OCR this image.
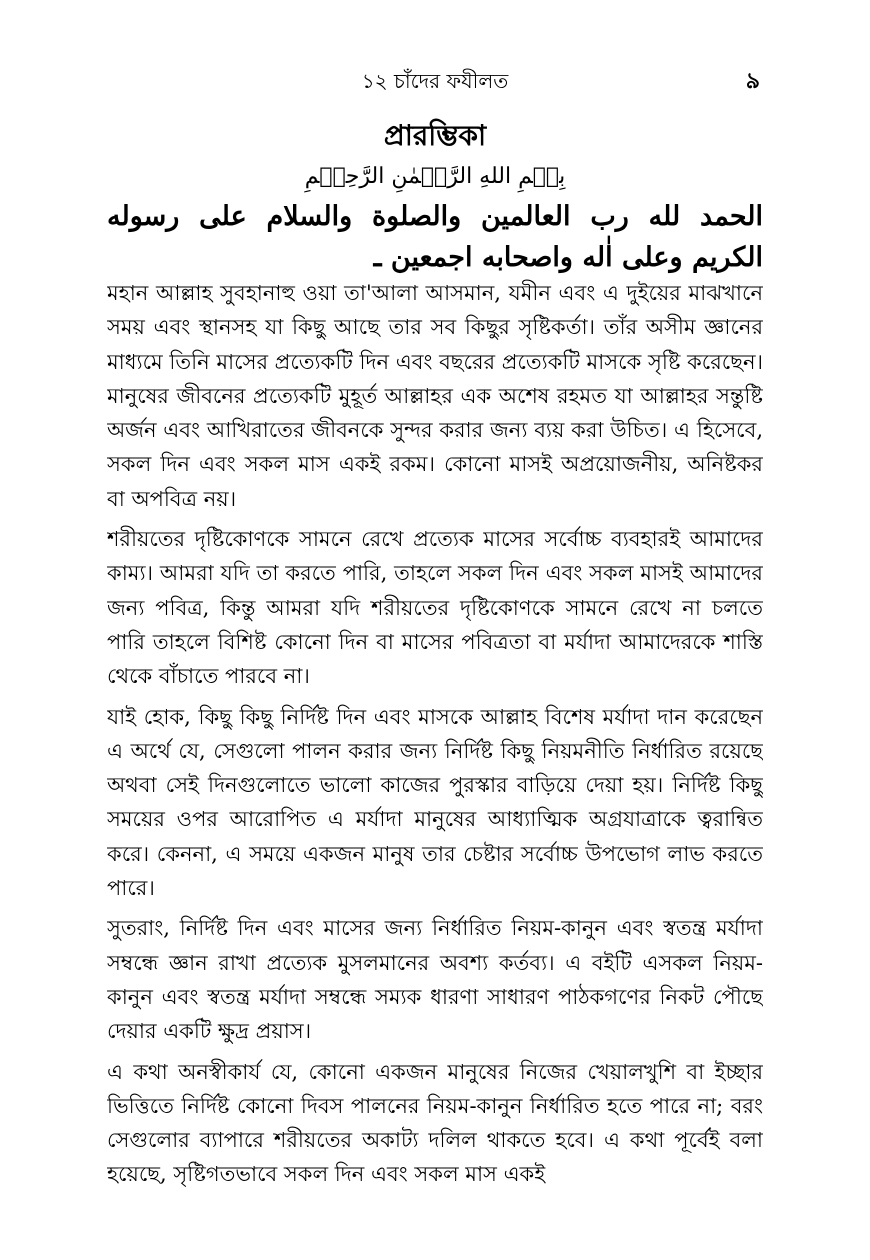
১২ চাঁদের ফযীলত	৯
প্রারম্ভিকা
بِسۡمِ اللهِ الرَّحۡمٰنِ الرَّحِيۡمِ
الحمد لله رب العالمين والصلوة والسلام على رسوله الكريم وعلى اٰله واصحابه اجمعين ـ

মহান আল্লাহ সুবহানাহু ওয়া তা'আলা আসমান, যমীন এবং এ দুইয়ের মাঝখানে সময় এবং স্থানসহ যা কিছু আছে তার সব কিছুর সৃষ্টিকর্তা। তাঁর অসীম জ্ঞানের মাধ্যমে তিনি মাসের প্রত্যেকটি দিন এবং বছরের প্রত্যেকটি মাসকে সৃষ্টি করেছেন। মানুষের জীবনের প্রত্যেকটি মুহূর্ত আল্লাহর এক অশেষ রহমত যা আল্লাহর সন্তুষ্টি অর্জন এবং আখিরাতের জীবনকে সুন্দর করার জন্য ব্যয় করা উচিত। এ হিসেবে, সকল দিন এবং সকল মাস একই রকম। কোনো মাসই অপ্রয়োজনীয়, অনিষ্টকর বা অপবিত্র নয়।

শরীয়তের দৃষ্টিকোণকে সামনে রেখে প্রত্যেক মাসের সর্বোচ্চ ব্যবহারই আমাদের কাম্য। আমরা যদি তা করতে পারি, তাহলে সকল দিন এবং সকল মাসই আমাদের জন্য পবিত্র, কিন্তু আমরা যদি শরীয়তের দৃষ্টিকোণকে সামনে রেখে না চলতে পারি তাহলে বিশিষ্ট কোনো দিন বা মাসের পবিত্রতা বা মর্যাদা আমাদেরকে শাস্তি থেকে বাঁচাতে পারবে না।

যাই হোক, কিছু কিছু নির্দিষ্ট দিন এবং মাসকে আল্লাহ বিশেষ মর্যাদা দান করেছেন এ অর্থে যে, সেগুলো পালন করার জন্য নির্দিষ্ট কিছু নিয়মনীতি নির্ধারিত রয়েছে অথবা সেই দিনগুলোতে ভালো কাজের পুরস্কার বাড়িয়ে দেয়া হয়। নির্দিষ্ট কিছু সময়ের ওপর আরোপিত এ মর্যাদা মানুষের আধ্যাত্মিক অগ্রযাত্রাকে ত্বরান্বিত করে। কেননা, এ সময়ে একজন মানুষ তার চেষ্টার সর্বোচ্চ উপভোগ লাভ করতে পারে।

সুতরাং, নির্দিষ্ট দিন এবং মাসের জন্য নির্ধারিত নিয়ম-কানুন এবং স্বতন্ত্র মর্যাদা সম্বন্ধে জ্ঞান রাখা প্রত্যেক মুসলমানের অবশ্য কর্তব্য। এ বইটি এসকল নিয়ম-কানুন এবং স্বতন্ত্র মর্যাদা সম্বন্ধে সম্যক ধারণা সাধারণ পাঠকগণের নিকট পৌছে দেয়ার একটি ক্ষুদ্র প্রয়াস।

এ কথা অনস্বীকার্য যে, কোনো একজন মানুষের নিজের খেয়ালখুশি বা ইচ্ছার ভিত্তিতে নির্দিষ্ট কোনো দিবস পালনের নিয়ম-কানুন নির্ধারিত হতে পারে না; বরং সেগুলোর ব্যাপারে শরীয়তের অকাট্য দলিল থাকতে হবে। এ কথা পূর্বেই বলা হয়েছে, সৃষ্টিগতভাবে সকল দিন এবং সকল মাস একই
